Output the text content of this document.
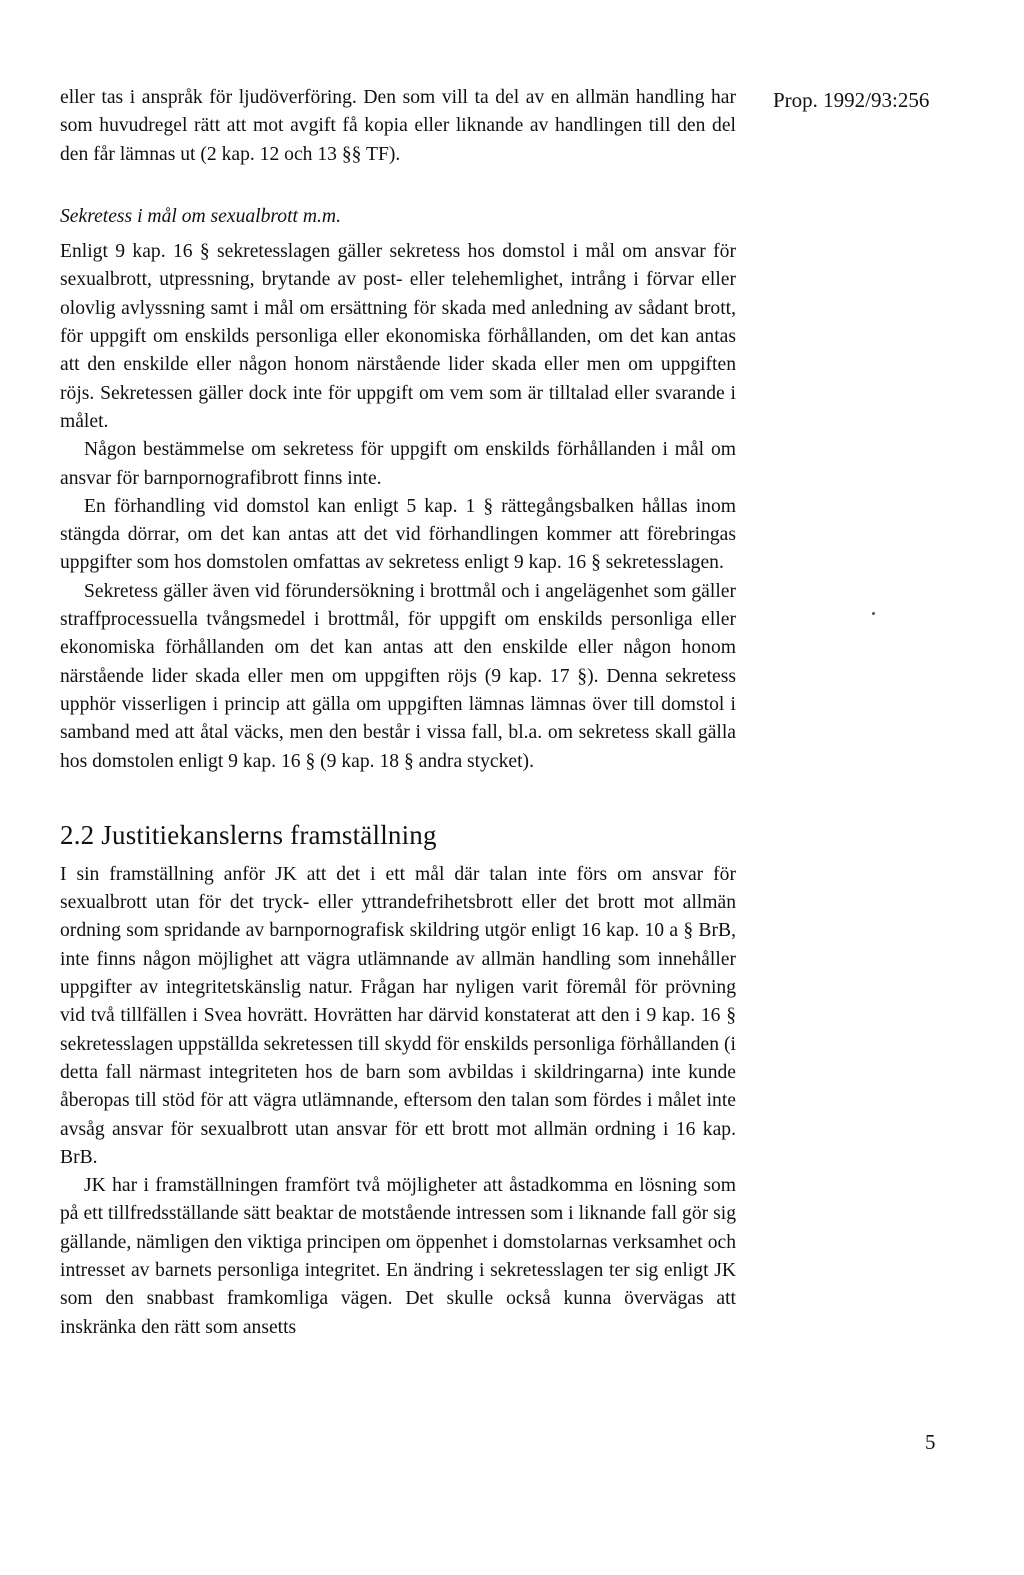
Prop. 1992/93:256

eller tas i anspråk för ljudöverföring. Den som vill ta del av en allmän handling har som huvudregel rätt att mot avgift få kopia eller liknande av handlingen till den del den får lämnas ut (2 kap. 12 och 13 §§ TF).

Sekretess i mål om sexualbrott m.m.

Enligt 9 kap. 16 § sekretesslagen gäller sekretess hos domstol i mål om ansvar för sexualbrott, utpressning, brytande av post- eller telehemlighet, intrång i förvar eller olovlig avlyssning samt i mål om ersättning för skada med anledning av sådant brott, för uppgift om enskilds personliga eller ekonomiska förhållanden, om det kan antas att den enskilde eller någon honom närstående lider skada eller men om uppgiften röjs. Sekretessen gäller dock inte för uppgift om vem som är tilltalad eller svarande i målet.

Någon bestämmelse om sekretess för uppgift om enskilds förhållanden i mål om ansvar för barnpornografibrott finns inte.

En förhandling vid domstol kan enligt 5 kap. 1 § rättegångsbalken hållas inom stängda dörrar, om det kan antas att det vid förhandlingen kommer att förebringas uppgifter som hos domstolen omfattas av sekretess enligt 9 kap. 16 § sekretesslagen.

Sekretess gäller även vid förundersökning i brottmål och i angelägenhet som gäller straffprocessuella tvångsmedel i brottmål, för uppgift om enskilds personliga eller ekonomiska förhållanden om det kan antas att den enskilde eller någon honom närstående lider skada eller men om uppgiften röjs (9 kap. 17 §). Denna sekretess upphör visserligen i princip att gälla om uppgiften lämnas lämnas över till domstol i samband med att åtal väcks, men den består i vissa fall, bl.a. om sekretess skall gälla hos domstolen enligt 9 kap. 16 § (9 kap. 18 § andra stycket).

2.2 Justitiekanslerns framställning

I sin framställning anför JK att det i ett mål där talan inte förs om ansvar för sexualbrott utan för det tryck- eller yttrandefrihetsbrott eller det brott mot allmän ordning som spridande av barnpornografisk skildring utgör enligt 16 kap. 10 a § BrB, inte finns någon möjlighet att vägra utlämnande av allmän handling som innehåller uppgifter av integritetskänslig natur. Frågan har nyligen varit föremål för prövning vid två tillfällen i Svea hovrätt. Hovrätten har därvid konstaterat att den i 9 kap. 16 § sekretesslagen uppställda sekretessen till skydd för enskilds personliga förhållanden (i detta fall närmast integriteten hos de barn som avbildas i skildringarna) inte kunde åberopas till stöd för att vägra utlämnande, eftersom den talan som fördes i målet inte avsåg ansvar för sexualbrott utan ansvar för ett brott mot allmän ordning i 16 kap. BrB.

JK har i framställningen framfört två möjligheter att åstadkomma en lösning som på ett tillfredsställande sätt beaktar de motstående intressen som i liknande fall gör sig gällande, nämligen den viktiga principen om öppenhet i domstolarnas verksamhet och intresset av barnets personliga integritet. En ändring i sekretesslagen ter sig enligt JK som den snabbast framkomliga vägen. Det skulle också kunna övervägas att inskränka den rätt som ansetts

5
